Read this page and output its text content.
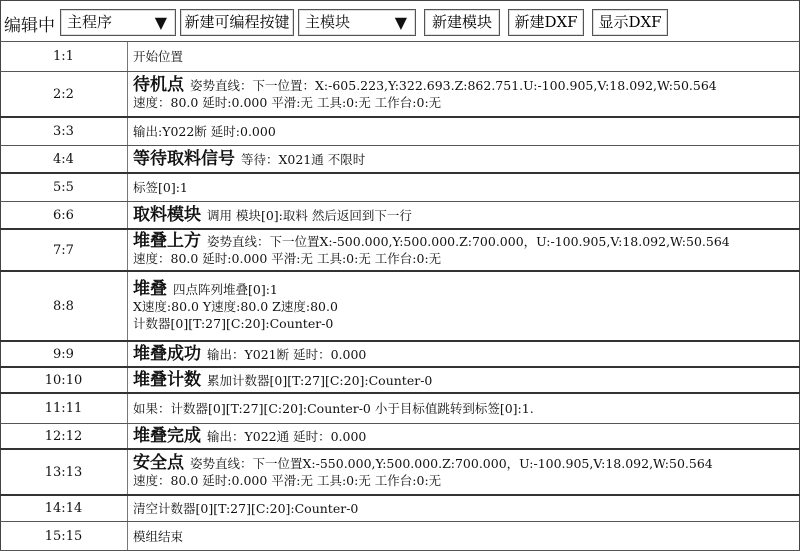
编辑中 主程序	▼ 新建可编程按键	主模块	▼	新建模块	新建DXF	显示DXF
1:1	开始位置
2:2	待机点 姿势直线：下一位置：X:-605.223,Y:322.693.Z:862.751.U:-100.905,V:18.092,W:50.564
速度：80.0 延时:0.000 平滑:无 工具:0:无 工作台:0:无
3:3	输出:Y022断 延时:0.000
4:4	等待取料信号 等待：X021通 不限时
5:5	标签[0]:1
6:6	取料模块 调用 模块[0]:取料 然后返回到下一行
7:7	堆叠上方 姿势直线：下一位置X:-500.000,Y:500.000.Z:700.000，U:-100.905,V:18.092,W:50.564
速度：80.0 延时:0.000 平滑:无 工具:0:无 工作台:0:无
8:8
堆叠 四点阵列堆叠[0]:1
X速度:80.0 Y速度:80.0 Z速度:80.0
计数器[0][T:27][C:20]:Counter-0
9:9	堆叠成功 输出：Y021断 延时：0.000
10:10	堆叠计数 累加计数器[0][T:27][C:20]:Counter-0
11:11	如果：计数器[0][T:27][C:20]:Counter-0 小于目标值跳转到标签[0]:1.
12:12	堆叠完成 输出：Y022通 延时：0.000
13:13	安全点 姿势直线：下一位置X:-550.000,Y:500.000.Z:700.000，U:-100.905,V:18.092,W:50.564
速度：80.0 延时:0.000 平滑:无 工具:0:无 工作台:0:无
14:14	清空计数器[0][T:27][C:20]:Counter-0
15:15	模组结束
